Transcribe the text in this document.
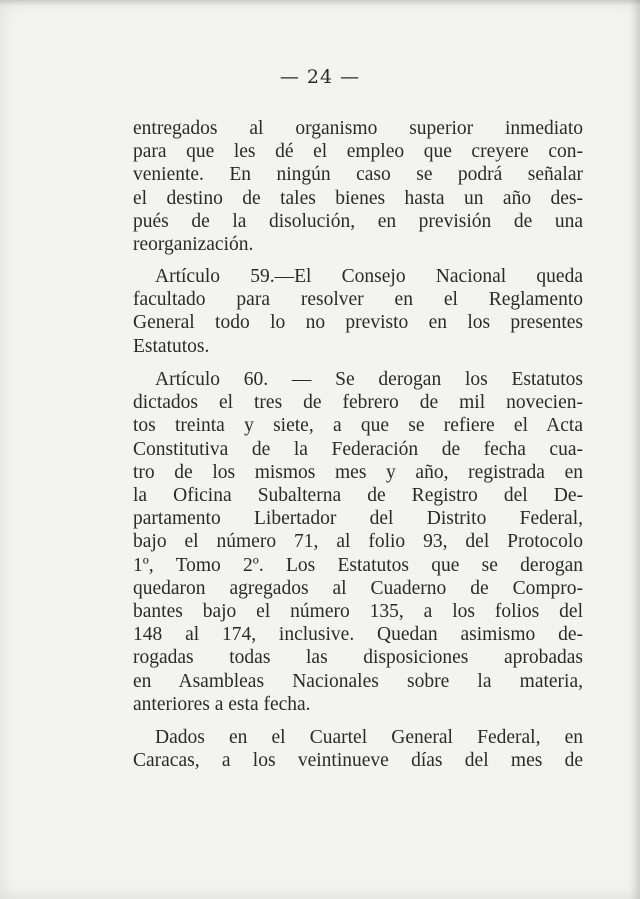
— 24 —
entregados al organismo superior inmediato
para que les dé el empleo que creyere con-
veniente. En ningún caso se podrá señalar
el destino de tales bienes hasta un año des-
pués de la disolución, en previsión de una
reorganización.
Artículo 59.—El Consejo Nacional queda
facultado para resolver en el Reglamento
General todo lo no previsto en los presentes
Estatutos.
Artículo 60. — Se derogan los Estatutos
dictados el tres de febrero de mil novecien-
tos treinta y siete, a que se refiere el Acta
Constitutiva de la Federación de fecha cua-
tro de los mismos mes y año, registrada en
la Oficina Subalterna de Registro del De-
partamento Libertador del Distrito Federal,
bajo el número 71, al folio 93, del Protocolo
1º, Tomo 2º. Los Estatutos que se derogan
quedaron agregados al Cuaderno de Compro-
bantes bajo el número 135, a los folios del
148 al 174, inclusive. Quedan asimismo de-
rogadas todas las disposiciones aprobadas
en Asambleas Nacionales sobre la materia,
anteriores a esta fecha.
Dados en el Cuartel General Federal, en
Caracas, a los veintinueve días del mes de
